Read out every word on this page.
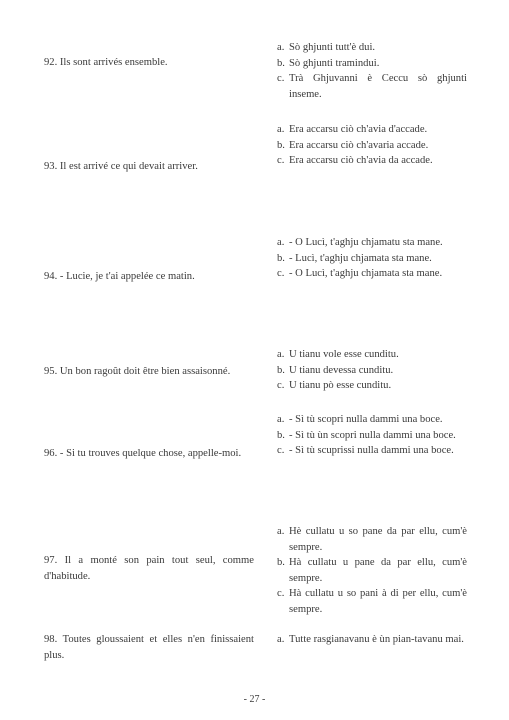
92. Ils sont arrivés ensemble.
a. Sò ghjunti tutt'è dui.
b. Sò ghjunti tramindui.
c. Trà Ghjuvanni è Ceccu sò ghjunti inseme.
93. Il est arrivé ce qui devait arriver.
a. Era accarsu ciò ch'avia d'accade.
b. Era accarsu ciò ch'avaria accade.
c. Era accarsu ciò ch'avia da accade.
94. - Lucie, je t'ai appelée ce matin.
a. - O Lucì, t'aghju chjamatu sta mane.
b. - Lucì, t'aghju chjamata sta mane.
c. - O Lucì, t'aghju chjamata sta mane.
95. Un bon ragoût doit être bien assaisonné.
a. U tianu vole esse cunditu.
b. U tianu devessa cunditu.
c. U tianu pò esse cunditu.
96. - Si tu trouves quelque chose, appelle-moi.
a. - Sì tù scopri nulla dammi una boce.
b. - Sì tù ùn scopri nulla dammi una boce.
c. - Sì tù scuprissi nulla dammi una boce.
97. Il a monté son pain tout seul, comme d'habitude.
a. Hè cullatu u so pane da par ellu, cum'è sempre.
b. Hà cullatu u pane da par ellu, cum'è sempre.
c. Hà cullatu u so pani à di per ellu, cum'è sempre.
98. Toutes gloussaient et elles n'en finissaient plus.
a. Tutte rasgianavanu è ùn pian-tavanu mai.
- 27 -
